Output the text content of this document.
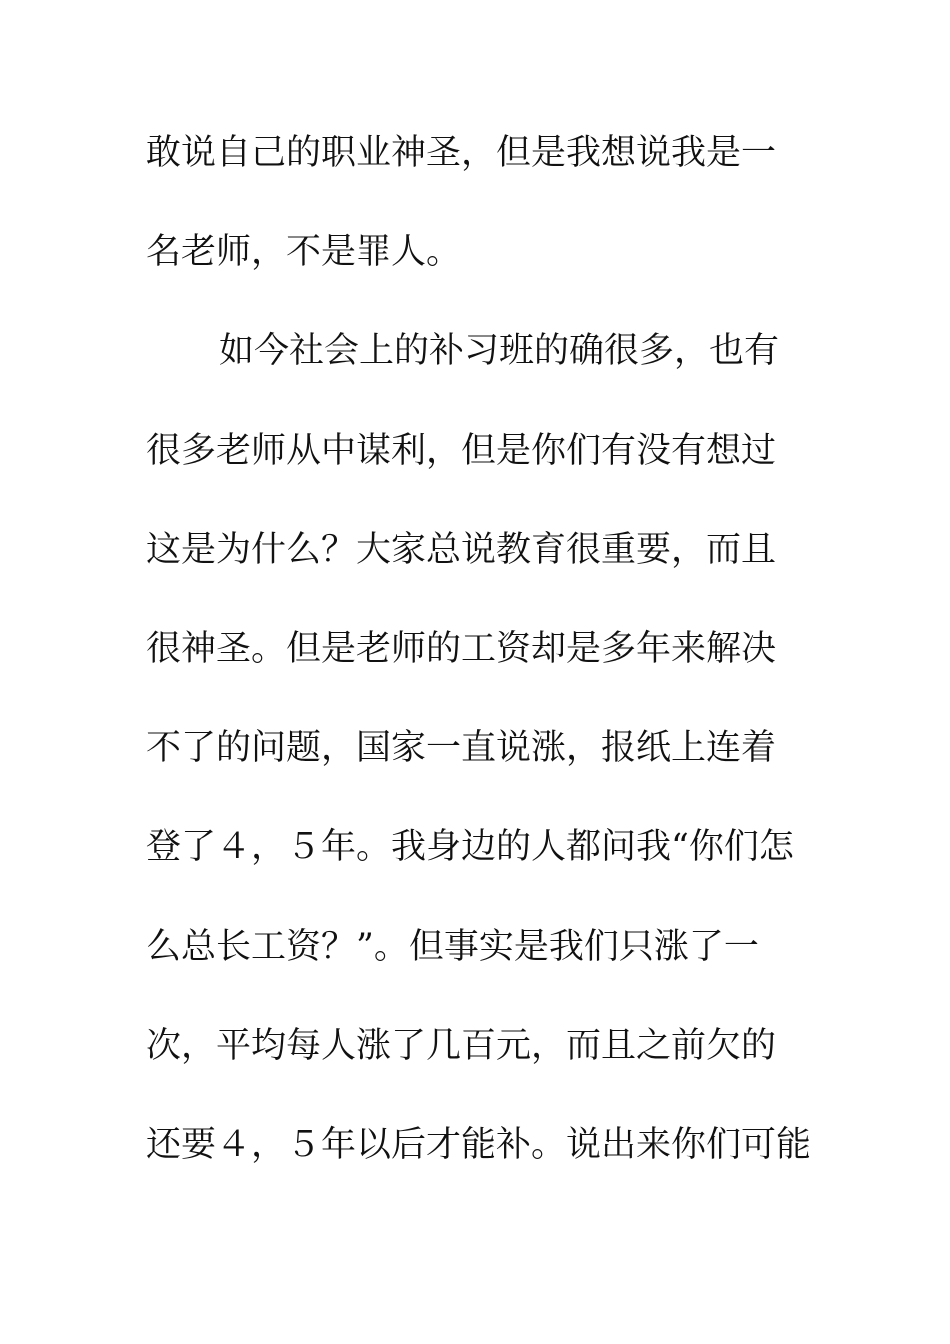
敢说自己的职业神圣，但是我想说我是一
名老师，不是罪人。
如今社会上的补习班的确很多，也有
很多老师从中谋利，但是你们有没有想过
这是为什么？大家总说教育很重要，而且
很神圣。但是老师的工资却是多年来解决
不了的问题，国家一直说涨，报纸上连着
登了４，５年。我身边的人都问我“你们怎
么总长工资？”。但事实是我们只涨了一
次，平均每人涨了几百元，而且之前欠的
还要４，５年以后才能补。说出来你们可能
